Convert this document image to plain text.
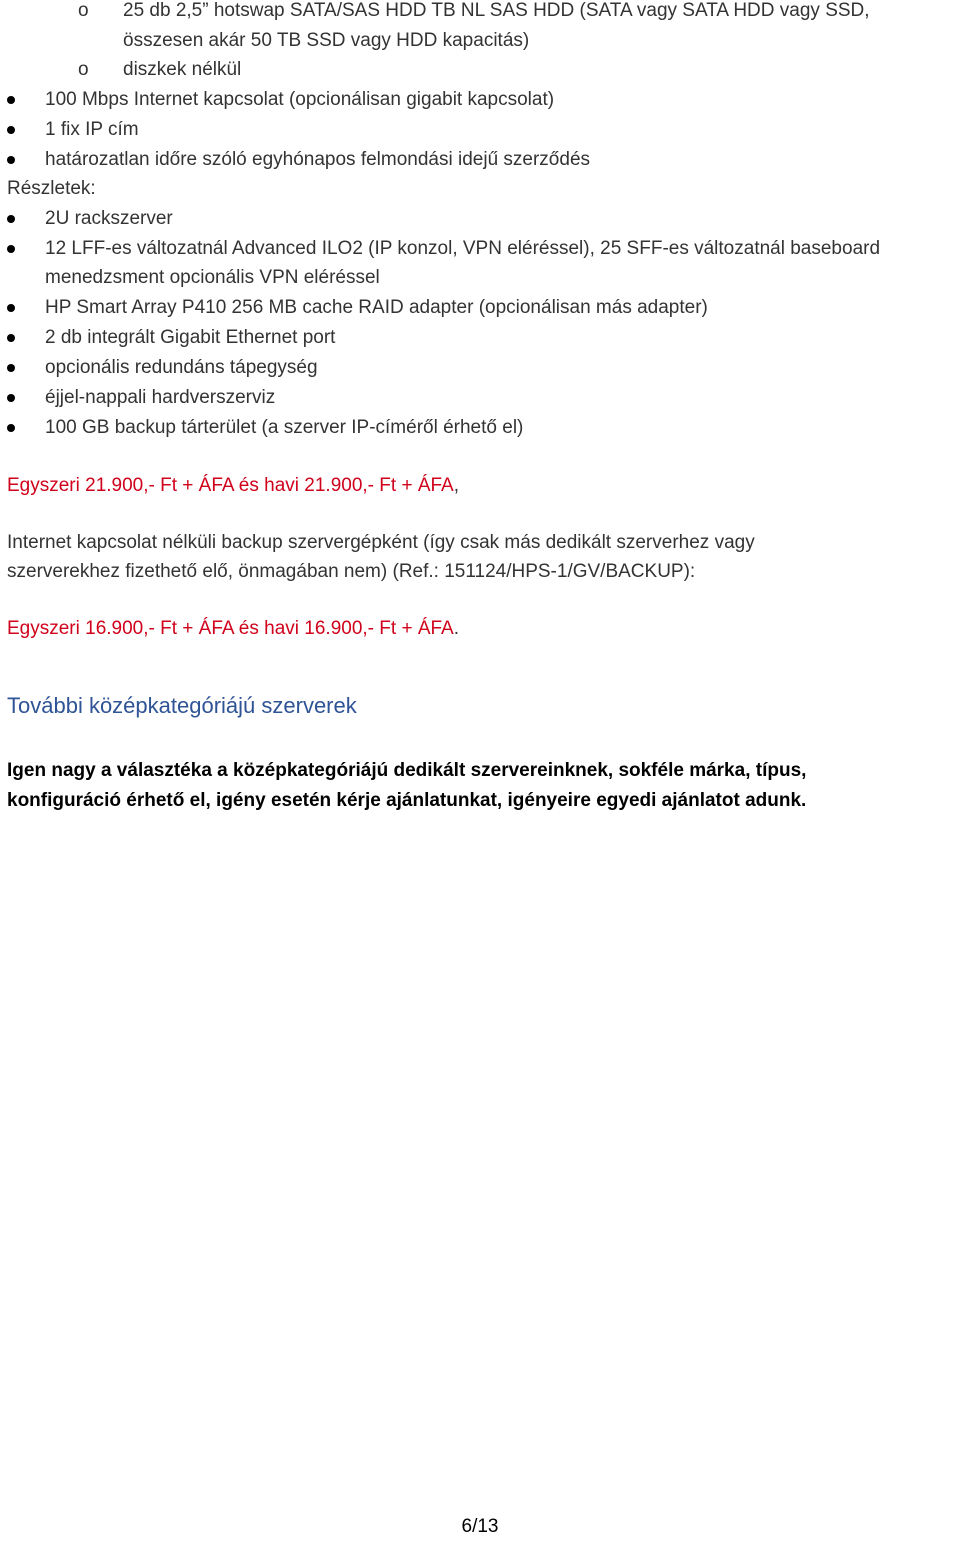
o 25 db 2,5” hotswap SATA/SAS HDD TB NL SAS HDD (SATA vagy SATA HDD vagy SSD,
összesen akár 50 TB SSD vagy HDD kapacitás)
o diszkek nélkül
100 Mbps Internet kapcsolat (opcionálisan gigabit kapcsolat)
1 fix IP cím
határozatlan időre szóló egyhónapos felmondási idejű szerződés
Részletek:
2U rackszerver
12 LFF-es változatnál Advanced ILO2 (IP konzol, VPN eléréssel), 25 SFF-es változatnál baseboard
menedzsment opcionális VPN eléréssel
HP Smart Array P410 256 MB cache RAID adapter (opcionálisan más adapter)
2 db integrált Gigabit Ethernet port
opcionális redundáns tápegység
éjjel-nappali hardverszerviz
100 GB backup tárterület (a szerver IP-címéről érhető el)
Egyszeri 21.900,- Ft + ÁFA és havi 21.900,- Ft + ÁFA,
Internet kapcsolat nélküli backup szervergépként (így csak más dedikált szerverhez vagy
szerverekhez fizethető elő, önmagában nem) (Ref.: 151124/HPS-1/GV/BACKUP):
Egyszeri 16.900,- Ft + ÁFA és havi 16.900,- Ft + ÁFA.
További középkategóriájú szerverek
Igen nagy a választéka a középkategóriájú dedikált szervereinknek, sokféle márka, típus,
konfiguráció érhető el, igény esetén kérje ajánlatunkat, igényeire egyedi ajánlatot adunk.
6/13
